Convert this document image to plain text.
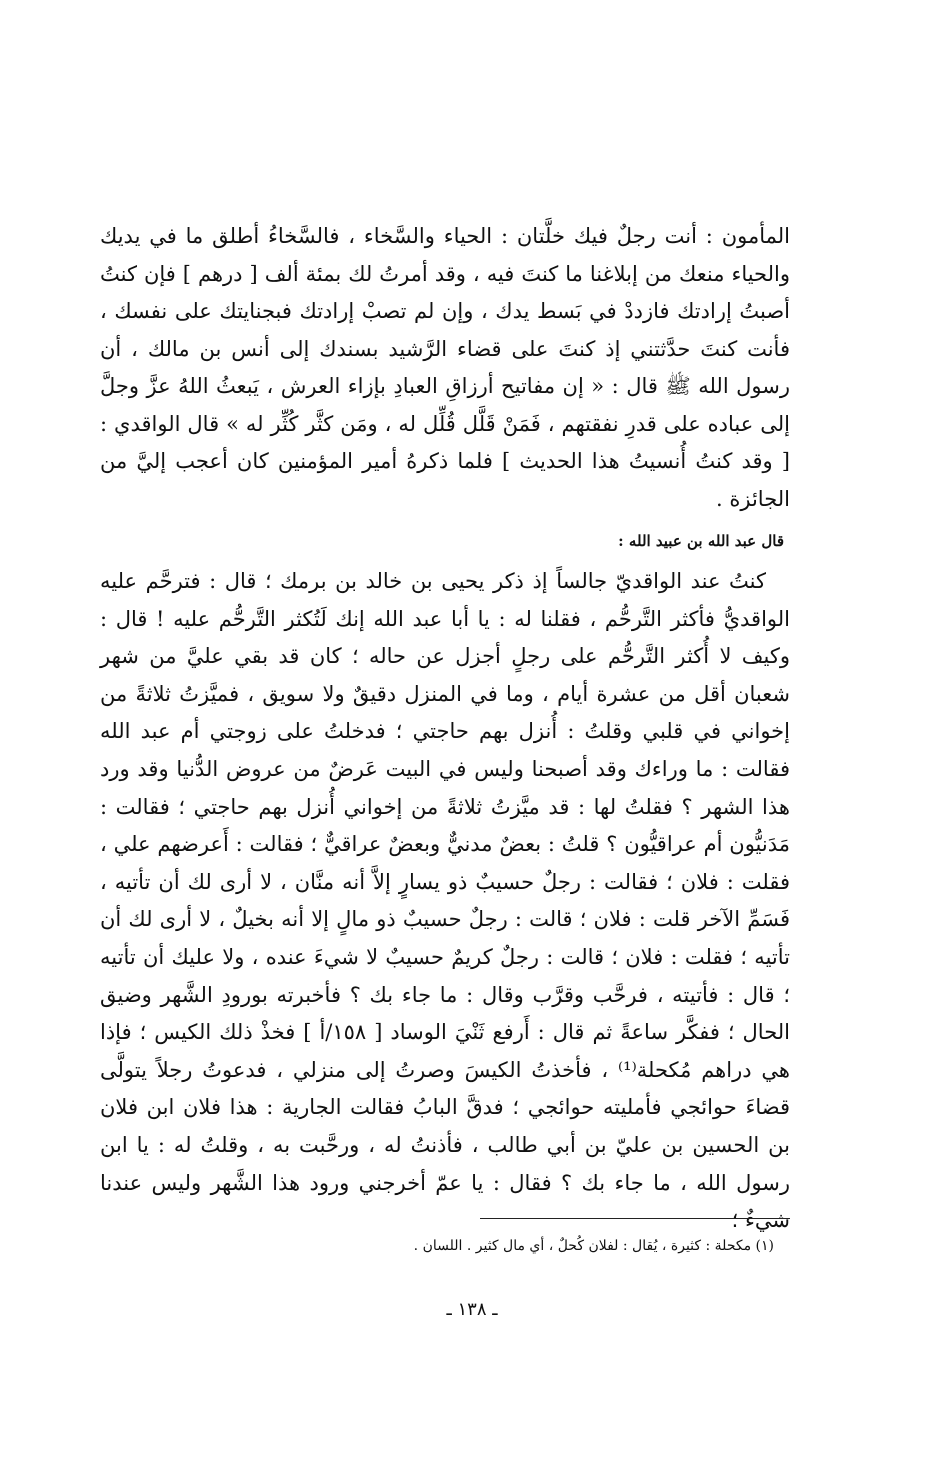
المأمون : أنت رجلٌ فيك خلَّتان : الحياء والسَّخاء ، فالسَّخاءُ أطلق ما في يديك والحياء منعك من إبلاغنا ما كنتَ فيه ، وقد أمرتُ لك بمئة ألف [ درهم ] فإن كنتُ أصبتُ إرادتك فازددْ في بَسط يدك ، وإن لم تصبْ إرادتك فبجنايتك على نفسك ، فأنت كنتَ حدَّثتني إذ كنتَ على قضاء الرَّشيد بسندك إلى أنس بن مالك ، أن رسول الله ﷺ قال : « إن مفاتيح أرزاقِ العبادِ بإزاء العرش ، يَبعثُ اللهُ عزَّ وجلَّ إلى عباده على قدرِ نفقتهم ، فَمَنْ قَلَّل قُلِّل له ، ومَن كثَّر كُثِّر له » قال الواقدي : [ وقد كنتُ أُنسيتُ هذا الحديث ] فلما ذكرهُ أمير المؤمنين كان أعجب إليَّ من الجائزة .
قال عبد الله بن عبيد الله :
كنتُ عند الواقديّ جالساً إذ ذكر يحيى بن خالد بن برمك ؛ قال : فترحَّم عليه الواقديُّ فأكثر التَّرحُّم ، فقلنا له : يا أبا عبد الله إنك لَتُكثر التَّرحُّم عليه ! قال : وكيف لا أُكثر التَّرحُّم على رجلٍ أجزل عن حاله ؛ كان قد بقي عليَّ من شهر شعبان أقل من عشرة أيام ، وما في المنزل دقيقٌ ولا سويق ، فميَّزتُ ثلاثةً من إخواني في قلبي وقلتُ : أُنزل بهم حاجتي ؛ فدخلتُ على زوجتي أم عبد الله فقالت : ما وراءك وقد أصبحنا وليس في البيت عَرضٌ من عروض الدُّنيا وقد ورد هذا الشهر ؟ فقلتُ لها : قد ميَّزتُ ثلاثةً من إخواني أُنزل بهم حاجتي ؛ فقالت : مَدَنيُّون أم عراقيُّون ؟ قلتُ : بعضٌ مدنيٌّ وبعضٌ عراقيٌّ ؛ فقالت : أَعرضهم علي ، فقلت : فلان ؛ فقالت : رجلٌ حسيبٌ ذو يسارٍ إلاَّ أنه منَّان ، لا أرى لك أن تأتيه ، فَسَمِّ الآخر قلت : فلان ؛ قالت : رجلٌ حسيبٌ ذو مالٍ إلا أنه بخيلٌ ، لا أرى لك أن تأتيه ؛ فقلت : فلان ؛ قالت : رجلٌ كريمٌ حسيبٌ لا شيءَ عنده ، ولا عليك أن تأتيه ؛ قال : فأتيته ، فرحَّب وقرَّب وقال : ما جاء بك ؟ فأخبرته بورودِ الشَّهر وضيق الحال ؛ ففكَّر ساعةً ثم قال : أَرفع ثَنْيَ الوساد [ ١٥٨/أ ] فخذْ ذلك الكيس ؛ فإذا هي دراهم مُكحلة⁽¹⁾ ، فأخذتُ الكيسَ وصرتُ إلى منزلي ، فدعوتُ رجلاً يتولَّى قضاءَ حوائجي فأمليته حوائجي ؛ فدقَّ البابُ فقالت الجارية : هذا فلان ابن فلان بن الحسين بن عليّ بن أبي طالب ، فأذنتُ له ، ورحَّبت به ، وقلتُ له : يا ابن رسول الله ، ما جاء بك ؟ فقال : يا عمّ أخرجني ورود هذا الشَّهر وليس عندنا شيءٌ ؛
(١) مكحلة : كثيرة ، يُقال : لفلان كُحلٌ ، أي مال كثير . اللسان .
ـ ١٣٨ ـ
